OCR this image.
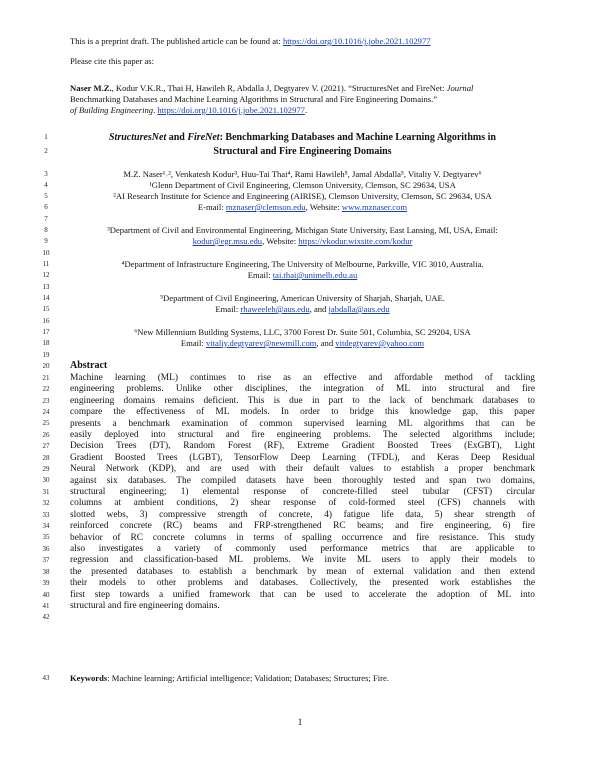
This is a preprint draft. The published article can be found at: https://doi.org/10.1016/j.jobe.2021.102977
Please cite this paper as:
Naser M.Z., Kodur V.K.R., Thai H, Hawileh R, Abdalla J, Degtyarev V. (2021). “StructuresNet and FireNet: Journal
Benchmarking Databases and Machine Learning Algorithms in Structural and Fire Engineering Domains.”
of Building Engineering. https://doi.org/10.1016/j.jobe.2021.102977.
1
2
3
4
5
6
7
8
9
10
11
12
13
14
15
16
17
18
19
20
21
22
23
24
25
26
27
28
29
30
31
32
33
34
35
36
37
38
39
40
41
42
43
StructuresNet and FireNet: Benchmarking Databases and Machine Learning Algorithms in
Structural and Fire Engineering Domains
M.Z. Naser¹˒², Venkatesh Kodur³, Huu-Tai Thai⁴, Rami Hawileh⁵, Jamal Abdalla⁵, Vitaliy V. Degtyarev⁶
¹Glenn Department of Civil Engineering, Clemson University, Clemson, SC 29634, USA
²AI Research Institute for Science and Engineering (AIRISE), Clemson University, Clemson, SC 29634, USA
E-mail: mznaser@clemson.edu, Website: www.mznaser.com
³Department of Civil and Environmental Engineering, Michigan State University, East Lansing, MI, USA, Email:
kodur@egr.msu.edu, Website: https://vkodur.wixsite.com/kodur
⁴Department of Infrastructure Engineering, The University of Melbourne, Parkville, VIC 3010, Australia.
Email: tai.thai@unimelb.edu.au
⁵Department of Civil Engineering, American University of Sharjah, Sharjah, UAE.
Email: rhaweeleh@aus.edu, and jabdalla@aus.edu
⁶New Millennium Building Systems, LLC, 3700 Forest Dr. Suite 501, Columbia, SC 29204, USA
Email: vitaliy.degtyarev@newmill.com, and vitdegtyarev@yahoo.com
Abstract
Machine learning (ML) continues to rise as an effective and affordable method of tackling
engineering problems. Unlike other disciplines, the integration of ML into structural and fire
engineering domains remains deficient. This is due in part to the lack of benchmark databases to
compare the effectiveness of ML models. In order to bridge this knowledge gap, this paper
presents a benchmark examination of common supervised learning ML algorithms that can be
easily deployed into structural and fire engineering problems. The selected algorithms include;
Decision Trees (DT), Random Forest (RF), Extreme Gradient Boosted Trees (ExGBT), Light
Gradient Boosted Trees (LGBT), TensorFlow Deep Learning (TFDL), and Keras Deep Residual
Neural Network (KDP), and are used with their default values to establish a proper benchmark
against six databases. The compiled datasets have been thoroughly tested and span two domains,
structural engineering; 1) elemental response of concrete-filled steel tubular (CFST) circular
columns at ambient conditions, 2) shear response of cold-formed steel (CFS) channels with
slotted webs, 3) compressive strength of concrete, 4) fatigue life data, 5) shear strength of
reinforced concrete (RC) beams and FRP-strengthened RC beams; and fire engineering, 6) fire
behavior of RC concrete columns in terms of spalling occurrence and fire resistance. This study
also investigates a variety of commonly used performance metrics that are applicable to
regression and classification-based ML problems. We invite ML users to apply their models to
the presented databases to establish a benchmark by mean of external validation and then extend
their models to other problems and databases. Collectively, the presented work establishes the
first step towards a unified framework that can be used to accelerate the adoption of ML into
structural and fire engineering domains.
Keywords: Machine learning; Artificial intelligence; Validation; Databases; Structures; Fire.
1
